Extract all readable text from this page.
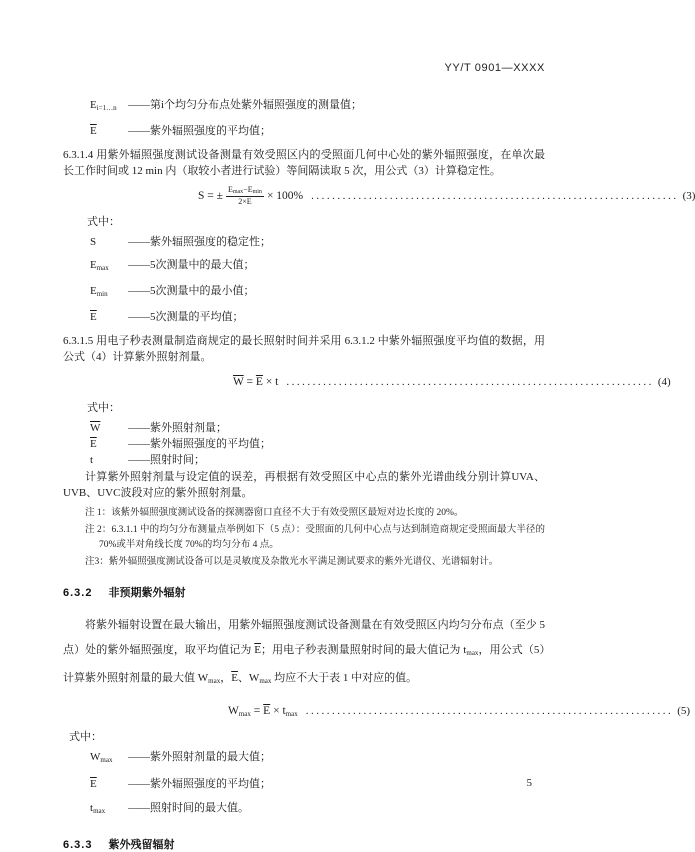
YY/T 0901—XXXX
Ei=1…n	——第i个均匀分布点处紫外辐照强度的测量值；
$\overline{E}$	——紫外辐照强度的平均值；

6.3.1.4 用紫外辐照强度测试设备测量有效受照区内的受照面几何中心处的紫外辐照强度，在单次最长工作时间或 12 min 内（取较小者进行试验）等间隔读取 5 次，用公式（3）计算稳定性。

S = ± $\frac{Emax-Emin}{2\times\overline{E}} \times 100\%$ ...................................................................... (3)

式中：

S	——紫外辐照强度的稳定性；
Emax	——5次测量中的最大值；
Emin	——5次测量中的最小值；
$\overline{E}$	——5次测量的平均值；

6.3.1.5 用电子秒表测量制造商规定的最长照射时间并采用 6.3.1.2 中紫外辐照强度平均值的数据，用公式（4）计算紫外照射剂量。

$\overline{W} = \overline{E} \times t$ ...................................................................... (4)

式中：

$\overline{W}$	——紫外照射剂量；
$\overline{E}$	——紫外辐照强度的平均值；
t	——照射时间；

计算紫外照射剂量与设定值的误差，再根据有效受照区中心点的紫外光谱曲线分别计算UVA、UVB、UVC波段对应的紫外照射剂量。

注 1：该紫外辐照强度测试设备的探测器窗口直径不大于有效受照区最短对边长度的 20%。

注 2：6.3.1.1 中的均匀分布测量点举例如下（5 点）：受照面的几何中心点与达到制造商规定受照面最大半径的 70%或半对角线长度 70%的均匀分布 4 点。

注3：紫外辐照强度测试设备可以是灵敏度及杂散光水平满足测试要求的紫外光谱仪、光谱辐射计。

6.3.2 非预期紫外辐射

将紫外辐射设置在最大输出，用紫外辐照强度测试设备测量在有效受照区内均匀分布点（至少 5 点）处的紫外辐照强度，取平均值记为 $\overline{E}$；用电子秒表测量照射时间的最大值记为 tmax，用公式（5）计算紫外照射剂量的最大值 Wmax，$\overline{E}$、Wmax 均应不大于表 1 中对应的值。

$Wmax = \overline{E} \times tmax$ ...................................................................... (5)

式中：

Wmax	——紫外照射剂量的最大值；
$\overline{E}$	——紫外辐照强度的平均值；
tmax	——照射时间的最大值。
6.3.3 紫外残留辐射
5
